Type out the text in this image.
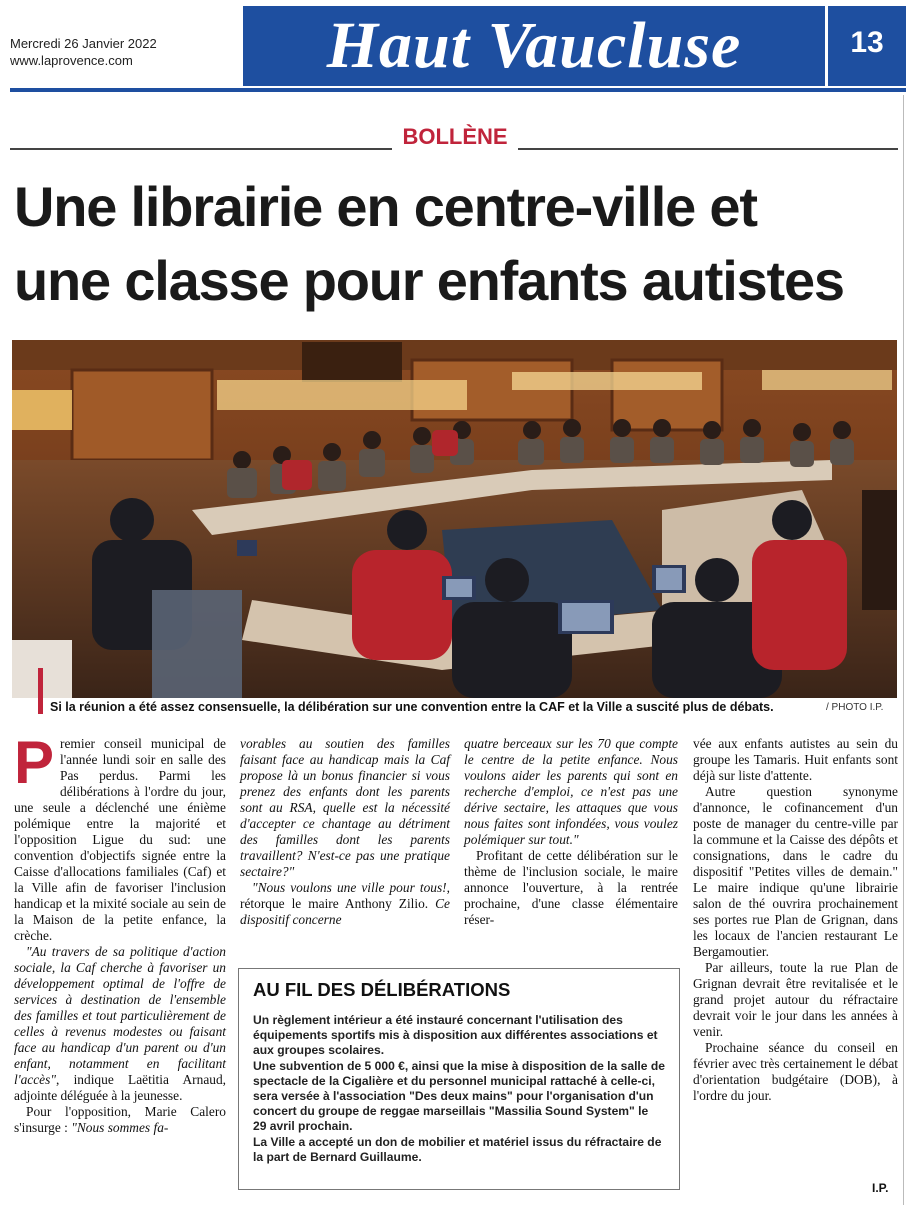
Mercredi 26 Janvier 2022
www.laprovence.com	Haut Vaucluse	13
BOLLÈNE
Une librairie en centre-ville et
une classe pour enfants autistes
Si la réunion a été assez consensuelle, la délibération sur une convention entre la CAF et la Ville a suscité plus de débats.	/ PHOTO I.P.
P remier conseil municipal de l'année lundi soir en salle des Pas perdus. Parmi les délibérations à l'ordre du jour, une seule a déclenché une énième polémique entre la majorité et l'opposition Ligue du sud: une convention d'objectifs signée entre la Caisse d'allocations familiales (Caf) et la Ville afin de favoriser l'inclusion handicap et la mixité sociale au sein de la Maison de la petite enfance, la crèche.

"Au travers de sa politique d'action sociale, la Caf cherche à favoriser un développement optimal de l'offre de services à destination de l'ensemble des familles et tout particulièrement de celles à revenus modestes ou faisant face au handicap d'un parent ou d'un enfant, notamment en facilitant l'accès", indique Laëtitia Arnaud, adjointe déléguée à la jeunesse.

Pour l'opposition, Marie Calero s'insurge : "Nous sommes fa-

vorables au soutien des familles faisant face au handicap mais la Caf propose là un bonus financier si vous prenez des enfants dont les parents sont au RSA, quelle est la nécessité d'accepter ce chantage au détriment des familles dont les parents travaillent? N'est-ce pas une pratique sectaire?"

"Nous voulons une ville pour tous!, rétorque le maire Anthony Zilio. Ce dispositif concerne

quatre berceaux sur les 70 que compte le centre de la petite enfance. Nous voulons aider les parents qui sont en recherche d'emploi, ce n'est pas une dérive sectaire, les attaques que vous nous faites sont infondées, vous voulez polémiquer sur tout."

Profitant de cette délibération sur le thème de l'inclusion sociale, le maire annonce l'ouverture, à la rentrée prochaine, d'une classe élémentaire réser-

vée aux enfants autistes au sein du groupe les Tamaris. Huit enfants sont déjà sur liste d'attente.

Autre question synonyme d'annonce, le cofinancement d'un poste de manager du centre-ville par la commune et la Caisse des dépôts et consignations, dans le cadre du dispositif "Petites villes de demain." Le maire indique qu'une librairie salon de thé ouvrira prochainement ses portes rue Plan de Grignan, dans les locaux de l'ancien restaurant Le Bergamoutier.

Par ailleurs, toute la rue Plan de Grignan devrait être revitalisée et le grand projet autour du réfractaire devrait voir le jour dans les années à venir.

Prochaine séance du conseil en février avec très certainement le débat d'orientation budgétaire (DOB), à l'ordre du jour.

AU FIL DES DÉLIBÉRATIONS

Un règlement intérieur a été instauré concernant l'utilisation des équipements sportifs mis à disposition aux différentes associations et aux groupes scolaires.

Une subvention de 5 000 €, ainsi que la mise à disposition de la salle de spectacle de la Cigalière et du personnel municipal rattaché à celle-ci, sera versée à l'association "Des deux mains" pour l'organisation d'un concert du groupe de reggae marseillais "Massilia Sound System" le 29 avril prochain.

La Ville a accepté un don de mobilier et matériel issus du réfractaire de la part de Bernard Guillaume.

I.P.
